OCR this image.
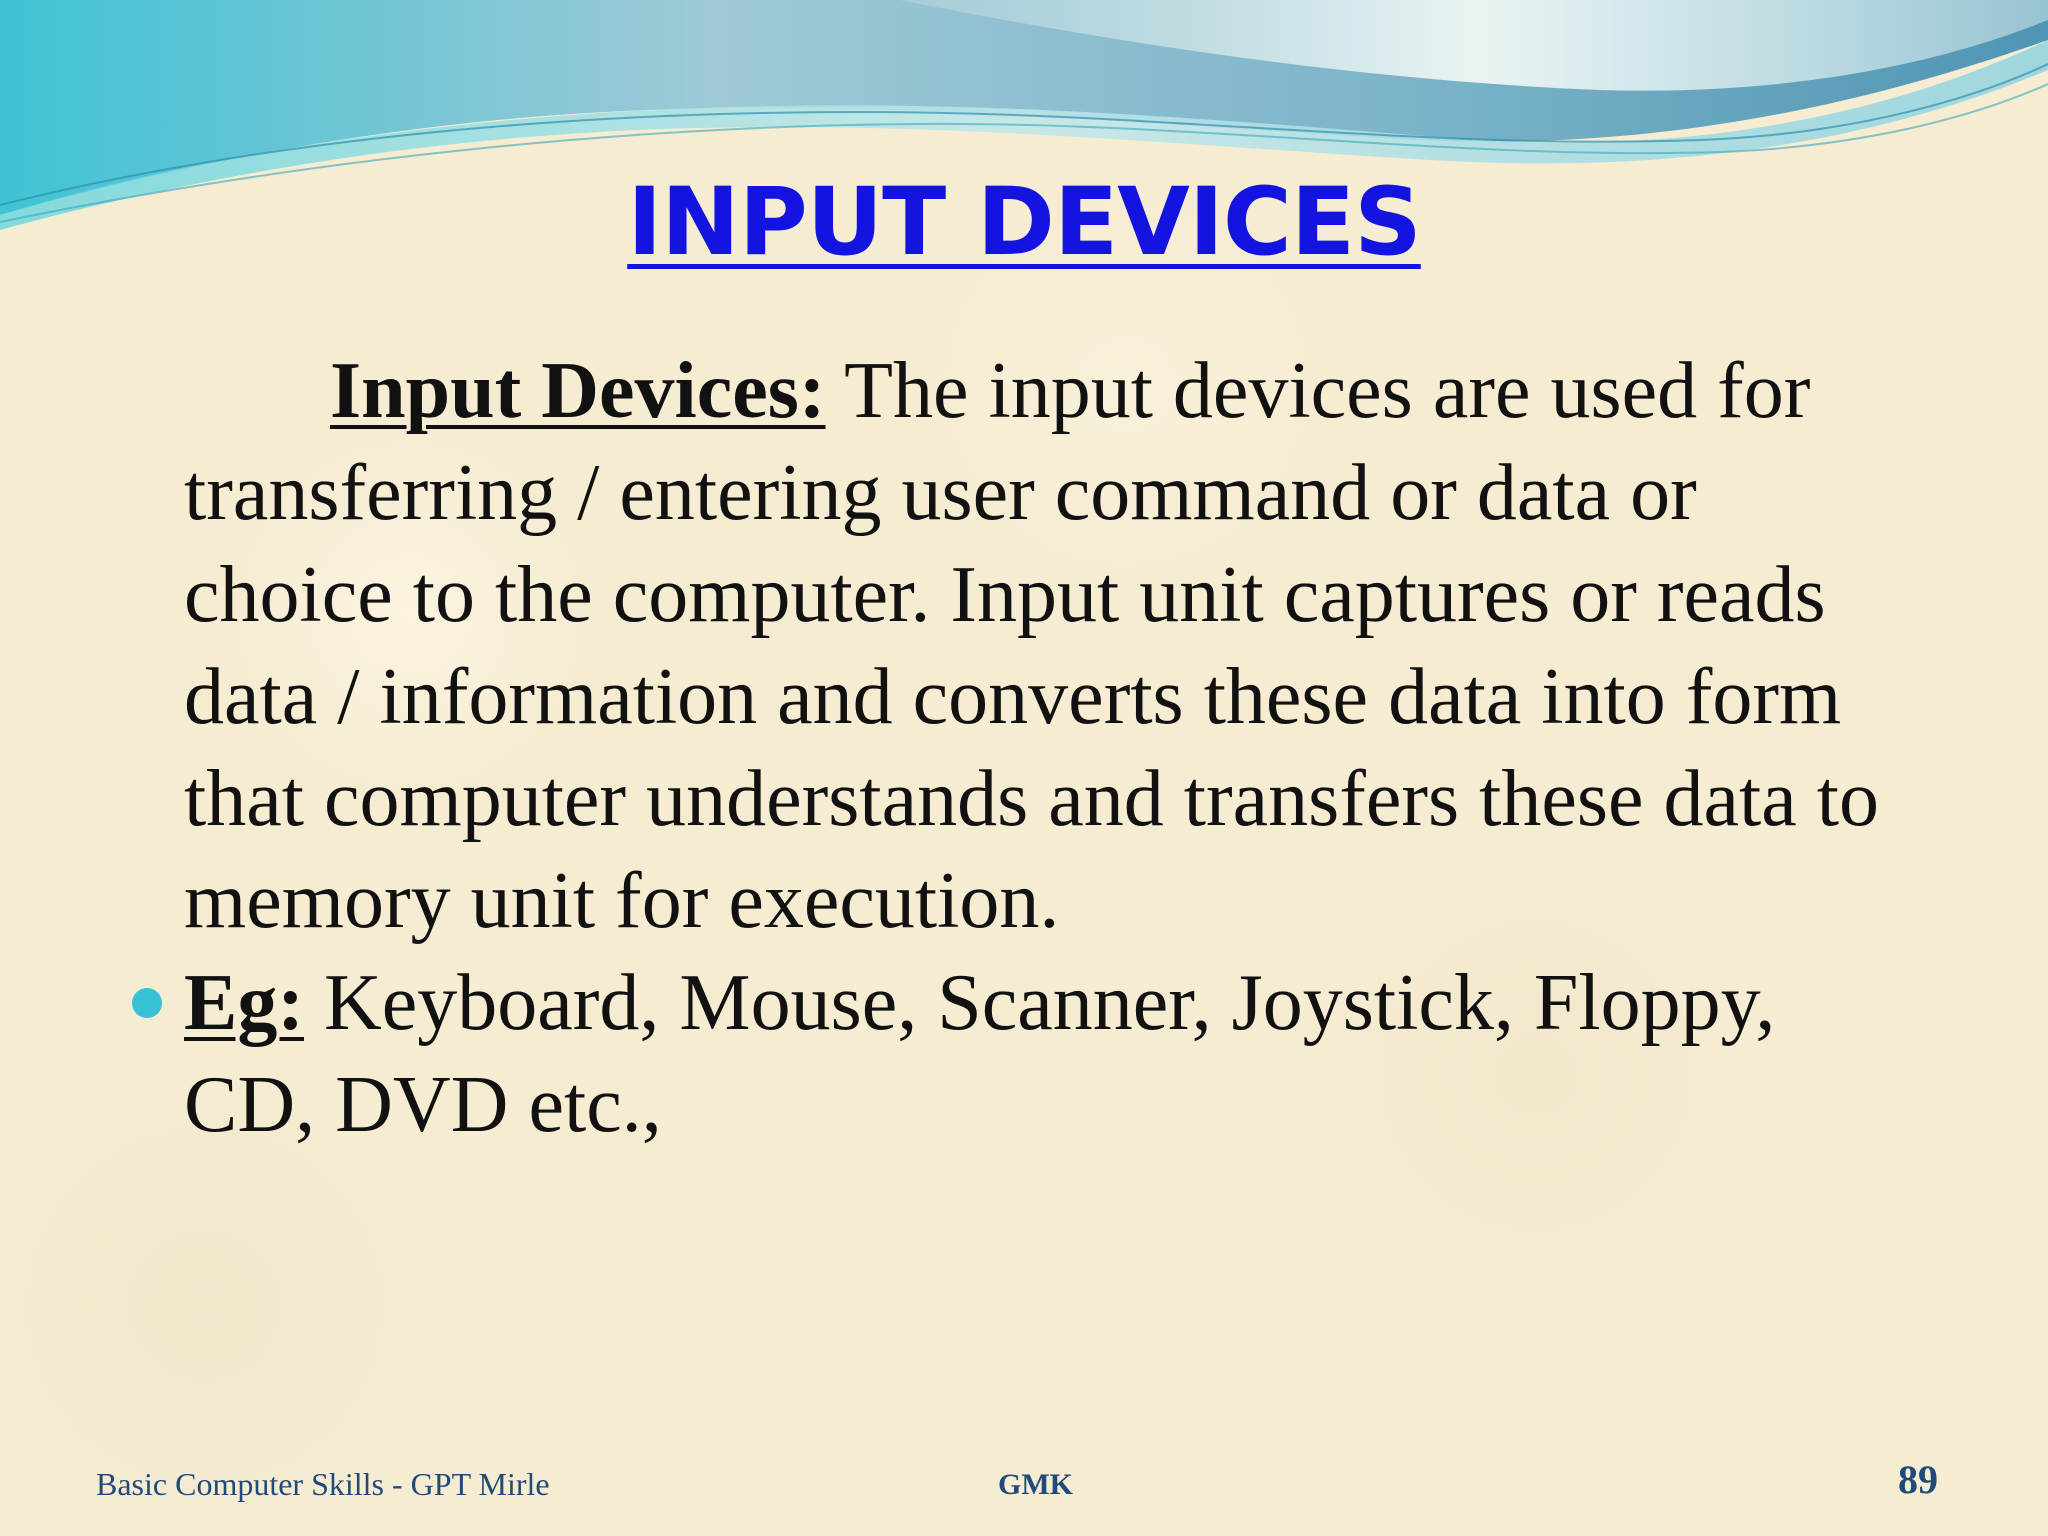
INPUT DEVICES

Input Devices: The input devices are used for transferring / entering user command or data or choice to the computer. Input unit captures or reads data / information and converts these data into form that computer understands and transfers these data to memory unit for execution.

Eg: Keyboard, Mouse, Scanner, Joystick, Floppy, CD, DVD etc.,

Basic Computer Skills - GPT Mirle	GMK	89
